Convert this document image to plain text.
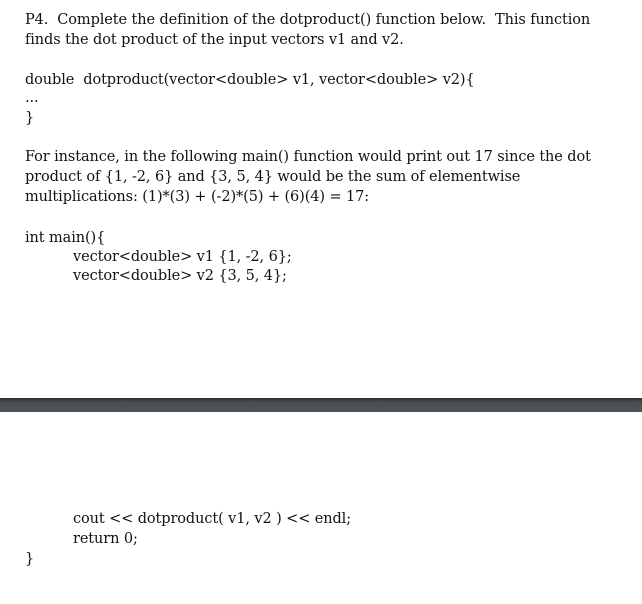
P4.  Complete the definition of the dotproduct() function below.  This function
finds the dot product of the input vectors v1 and v2.
double  dotproduct(vector<double> v1, vector<double> v2){
...
}
For instance, in the following main() function would print out 17 since the dot
product of {1, -2, 6} and {3, 5, 4} would be the sum of elementwise
multiplications: (1)*(3) + (-2)*(5) + (6)(4) = 17:
int main(){
vector<double> v1 {1, -2, 6};
vector<double> v2 {3, 5, 4};
cout << dotproduct( v1, v2 ) << endl;
return 0;
}
